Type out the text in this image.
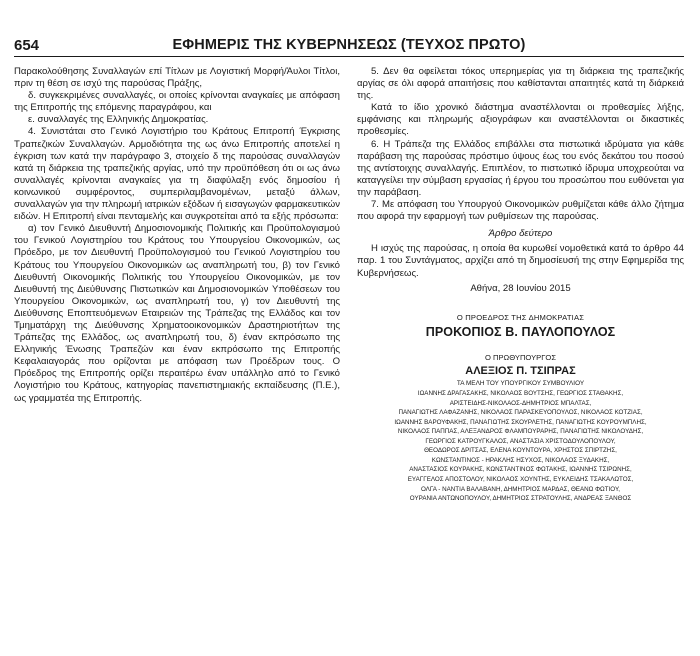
654	ΕΦΗΜΕΡΙΣ ΤΗΣ ΚΥΒΕΡΝΗΣΕΩΣ (ΤΕΥΧΟΣ ΠΡΩΤΟ)

Παρακολούθησης Συναλλαγών επί Τίτλων με Λογιστική Μορφή/Άυλοι Τίτλοι, πριν τη θέση σε ισχύ της παρούσας Πράξης,

δ. συγκεκριμένες συναλλαγές, οι οποίες κρίνονται αναγκαίες με απόφαση της Επιτροπής της επόμενης παραγράφου, και

ε. συναλλαγές της Ελληνικής Δημοκρατίας.

4. Συνιστάται στο Γενικό Λογιστήριο του Κράτους Επιτροπή Έγκρισης Τραπεζικών Συναλλαγών. Αρμοδιότητα της ως άνω Επιτροπής αποτελεί η έγκριση των κατά την παράγραφο 3, στοιχείο δ της παρούσας συναλλαγών κατά τη διάρκεια της τραπεζικής αργίας, υπό την προϋπόθεση ότι οι ως άνω συναλλαγές κρίνονται αναγκαίες για τη διαφύλαξη ενός δημοσίου ή κοινωνικού συμφέροντος, συμπεριλαμβανομένων, μεταξύ άλλων, συναλλαγών για την πληρωμή ιατρικών εξόδων ή εισαγωγών φαρμακευτικών ειδών. Η Επιτροπή είναι πενταμελής και συγκροτείται από τα εξής πρόσωπα:

α) τον Γενικό Διευθυντή Δημοσιονομικής Πολιτικής και Προϋπολογισμού του Γενικού Λογιστηρίου του Κράτους του Υπουργείου Οικονομικών, ως Πρόεδρο, με τον Διευθυντή Προϋπολογισμού του Γενικού Λογιστηρίου του Κράτους του Υπουργείου Οικονομικών ως αναπληρωτή του, β) τον Γενικό Διευθυντή Οικονομικής Πολιτικής του Υπουργείου Οικονομικών, με τον Διευθυντή της Διεύθυνσης Πιστωτικών και Δημοσιονομικών Υποθέσεων του Υπουργείου Οικονομικών, ως αναπληρωτή του, γ) τον Διευθυντή της Διεύθυνσης Εποπτευόμενων Εταιρειών της Τράπεζας της Ελλάδος και τον Τμηματάρχη της Διεύθυνσης Χρηματοοικονομικών Δραστηριοτήτων της Τράπεζας της Ελλάδος, ως αναπληρωτή του, δ) έναν εκπρόσωπο της Ελληνικής Ένωσης Τραπεζών και έναν εκπρόσωπο της Επιτροπής Κεφαλαιαγοράς που ορίζονται με απόφαση των Προέδρων τους. Ο Πρόεδρος της Επιτροπής ορίζει περαιτέρω έναν υπάλληλο από το Γενικό Λογιστήριο του Κράτους, κατηγορίας πανεπιστημιακής εκπαίδευσης (Π.Ε.), ως γραμματέα της Επιτροπής.

5. Δεν θα οφείλεται τόκος υπερημερίας για τη διάρκεια της τραπεζικής αργίας σε όλι αφορά απαιτήσεις που καθίστανται απαιτητές κατά τη διάρκειά της.

Κατά το ίδιο χρονικό διάστημα αναστέλλονται οι προθεσμίες λήξης, εμφάνισης και πληρωμής αξιογράφων και αναστέλλονται οι δικαστικές προθεσμίες.

6. Η Τράπεζα της Ελλάδος επιβάλλει στα πιστωτικά ιδρύματα για κάθε παράβαση της παρούσας πρόστιμο ύψους έως του ενός δεκάτου του ποσού της αντίστοιχης συναλλαγής. Επιπλέον, το πιστωτικό ίδρυμα υποχρεούται να καταγγείλει την σύμβαση εργασίας ή έργου του προσώπου που ευθύνεται για την παράβαση.

7. Με απόφαση του Υπουργού Οικονομικών ρυθμίζεται κάθε άλλο ζήτημα που αφορά την εφαρμογή των ρυθμίσεων της παρούσας.

Άρθρο δεύτερο

Η ισχύς της παρούσας, η οποία θα κυρωθεί νομοθετικά κατά το άρθρο 44 παρ. 1 του Συντάγματος, αρχίζει από τη δημοσίευσή της στην Εφημερίδα της Κυβερνήσεως.

Αθήνα, 28 Ιουνίου 2015

Ο ΠΡΟΕΔΡΟΣ ΤΗΣ ΔΗΜΟΚΡΑΤΙΑΣ

ΠΡΟΚΟΠΙΟΣ Β. ΠΑΥΛΟΠΟΥΛΟΣ

Ο ΠΡΩΘΥΠΟΥΡΓΟΣ

ΑΛΕΞΙΟΣ Π. ΤΣΙΠΡΑΣ

ΤΑ ΜΕΛΗ ΤΟΥ ΥΠΟΥΡΓΙΚΟΥ ΣΥΜΒΟΥΛΙΟΥ

ΙΩΑΝΝΗΣ ΔΡΑΓΑΣΑΚΗΣ, ΝΙΚΟΛΑΟΣ ΒΟΥΤΣΗΣ, ΓΕΩΡΓΙΟΣ ΣΤΑΘΑΚΗΣ,
ΑΡΙΣΤΕΙΔΗΣ-ΝΙΚΟΛΑΟΣ-ΔΗΜΗΤΡΙΟΣ ΜΠΑΛΤΑΣ,
ΠΑΝΑΓΙΩΤΗΣ ΛΑΦΑΖΑΝΗΣ, ΝΙΚΟΛΑΟΣ ΠΑΡΑΣΚΕΥΟΠΟΥΛΟΣ, ΝΙΚΟΛΑΟΣ ΚΟΤΖΙΑΣ,
ΙΩΑΝΝΗΣ ΒΑΡΟΥΦΑΚΗΣ, ΠΑΝΑΓΙΩΤΗΣ ΣΚΟΥΡΛΕΤΗΣ, ΠΑΝΑΓΙΩΤΗΣ ΚΟΥΡΟΥΜΠΛΗΣ,
ΝΙΚΟΛΑΟΣ ΠΑΠΠΑΣ, ΑΛΕΞΑΝΔΡΟΣ ΦΛΑΜΠΟΥΡΑΡΗΣ, ΠΑΝΑΓΙΩΤΗΣ ΝΙΚΟΛΟΥΔΗΣ,
ΓΕΩΡΓΙΟΣ ΚΑΤΡΟΥΓΚΑΛΟΣ, ΑΝΑΣΤΑΣΙΑ ΧΡΙΣΤΟΔΟΥΛΟΠΟΥΛΟΥ,
ΘΕΟΔΩΡΟΣ ΔΡΙΤΣΑΣ, ΕΛΕΝΑ ΚΟΥΝΤΟΥΡΑ, ΧΡΗΣΤΟΣ ΣΠΙΡΤΖΗΣ,
ΚΩΝΣΤΑΝΤΙΝΟΣ - ΗΡΑΚΛΗΣ ΗΣΥΧΟΣ, ΝΙΚΟΛΑΟΣ ΞΥΔΑΚΗΣ,
ΑΝΑΣΤΑΣΙΟΣ ΚΟΥΡΑΚΗΣ, ΚΩΝΣΤΑΝΤΙΝΟΣ ΦΩΤΑΚΗΣ, ΙΩΑΝΝΗΣ ΤΣΙΡΩΝΗΣ,
ΕΥΑΓΓΕΛΟΣ ΑΠΟΣΤΟΛΟΥ, ΝΙΚΟΛΑΟΣ ΧΟΥΝΤΗΣ, ΕΥΚΛΕΙΔΗΣ ΤΣΑΚΑΛΩΤΟΣ,
ΟΛΓΑ - ΝΑΝΤΙΑ ΒΑΛΑΒΑΝΗ, ΔΗΜΗΤΡΙΟΣ ΜΑΡΔΑΣ, ΘΕΑΝΩ ΦΩΤΙΟΥ,
ΟΥΡΑΝΙΑ ΑΝΤΩΝΟΠΟΥΛΟΥ, ΔΗΜΗΤΡΙΟΣ ΣΤΡΑΤΟΥΛΗΣ, ΑΝΔΡΕΑΣ ΞΑΝΘΟΣ
